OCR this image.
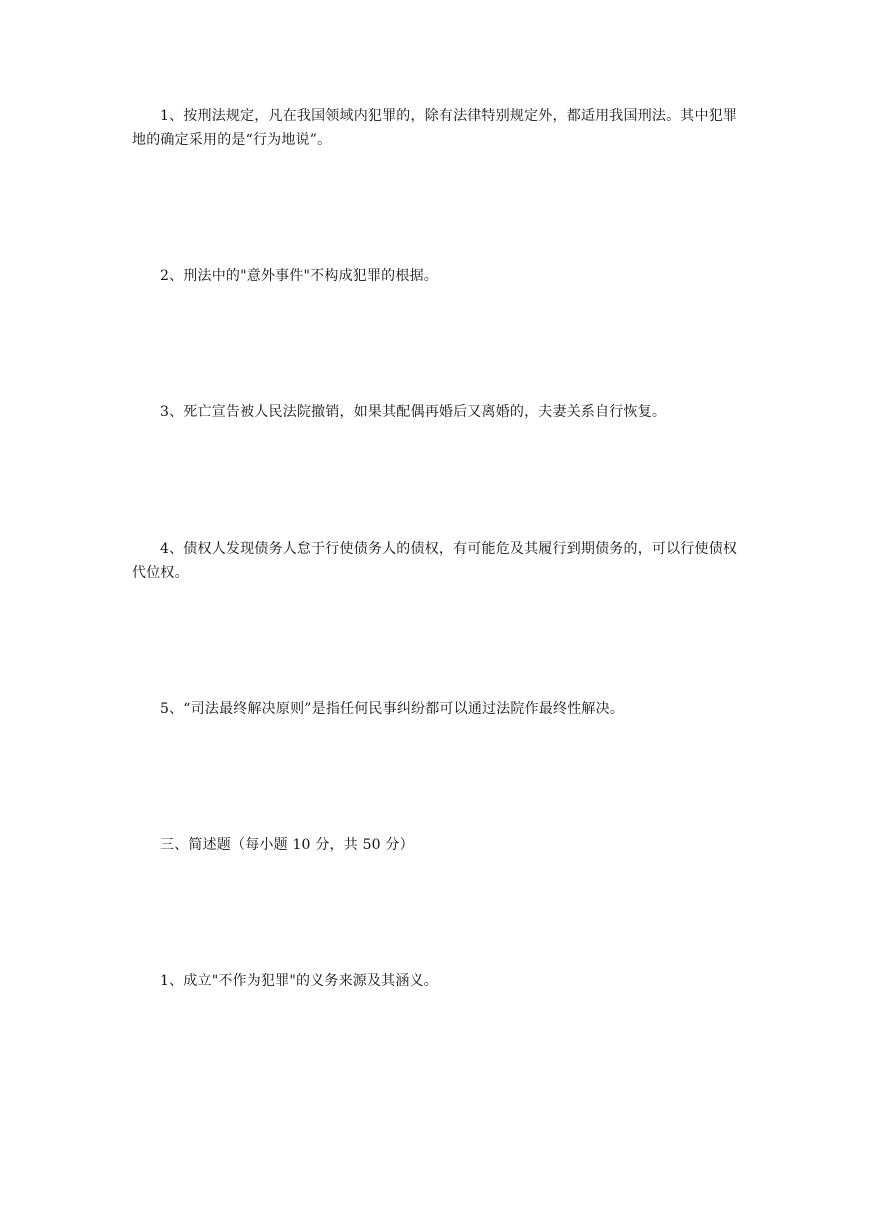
1、按刑法规定，凡在我国领域内犯罪的，除有法律特别规定外，都适用我国刑法。其中犯罪地的确定采用的是“行为地说”。

2、刑法中的"意外事件"不构成犯罪的根据。

3、死亡宣告被人民法院撤销，如果其配偶再婚后又离婚的，夫妻关系自行恢复。

4、债权人发现债务人怠于行使债务人的债权，有可能危及其履行到期债务的，可以行使债权代位权。

5、“司法最终解决原则”是指任何民事纠纷都可以通过法院作最终性解决。

三、简述题（每小题 10 分，共 50 分）

1、成立"不作为犯罪"的义务来源及其涵义。
